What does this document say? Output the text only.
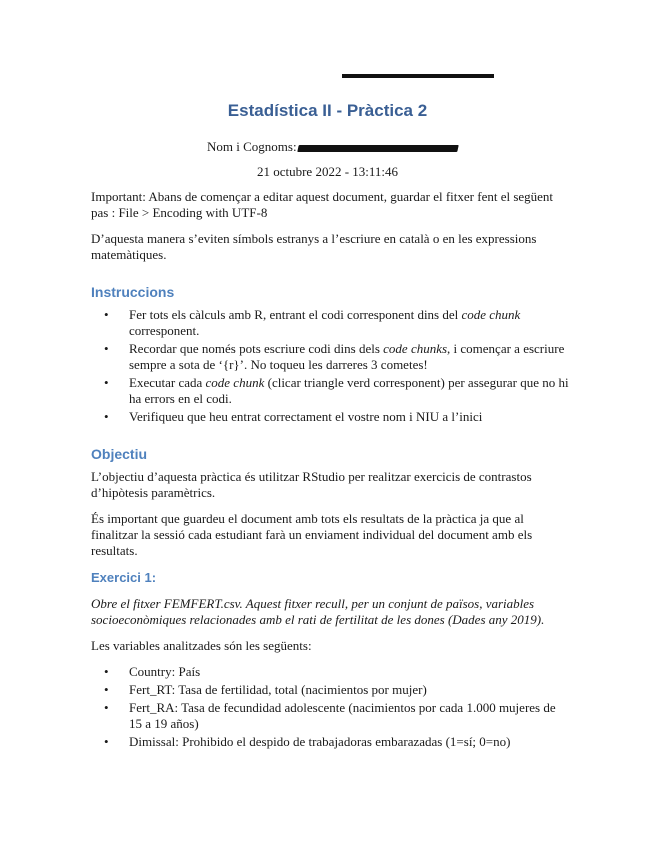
Estadística II - Pràctica 2
Nom i Cognoms:
21 octubre 2022 - 13:11:46

Important: Abans de començar a editar aquest document, guardar el fitxer fent el següent pas : File > Encoding with UTF-8

D’aquesta manera s’eviten símbols estranys a l’escriure en català o en les expressions matemàtiques.

Instruccions
• Fer tots els càlculs amb R, entrant el codi corresponent dins del code chunk corresponent.
• Recordar que només pots escriure codi dins dels code chunks, i començar a escriure sempre a sota de ‘{r}’. No toqueu les darreres 3 cometes!
• Executar cada code chunk (clicar triangle verd corresponent) per assegurar que no hi ha errors en el codi.
• Verifiqueu que heu entrat correctament el vostre nom i NIU a l’inici
Objectiu

L’objectiu d’aquesta pràctica és utilitzar RStudio per realitzar exercicis de contrastos d’hipòtesis paramètrics.

És important que guardeu el document amb tots els resultats de la pràctica ja que al finalitzar la sessió cada estudiant farà un enviament individual del document amb els resultats.

Exercici 1:

Obre el fitxer FEMFERT.csv. Aquest fitxer recull, per un conjunt de països, variables socioeconòmiques relacionades amb el rati de fertilitat de les dones (Dades any 2019).

Les variables analitzades són les següents:

• Country: País
• Fert_RT: Tasa de fertilidad, total (nacimientos por mujer)
• Fert_RA: Tasa de fecundidad adolescente (nacimientos por cada 1.000 mujeres de 15 a 19 años)
• Dimissal: Prohibido el despido de trabajadoras embarazadas (1=sí; 0=no)
